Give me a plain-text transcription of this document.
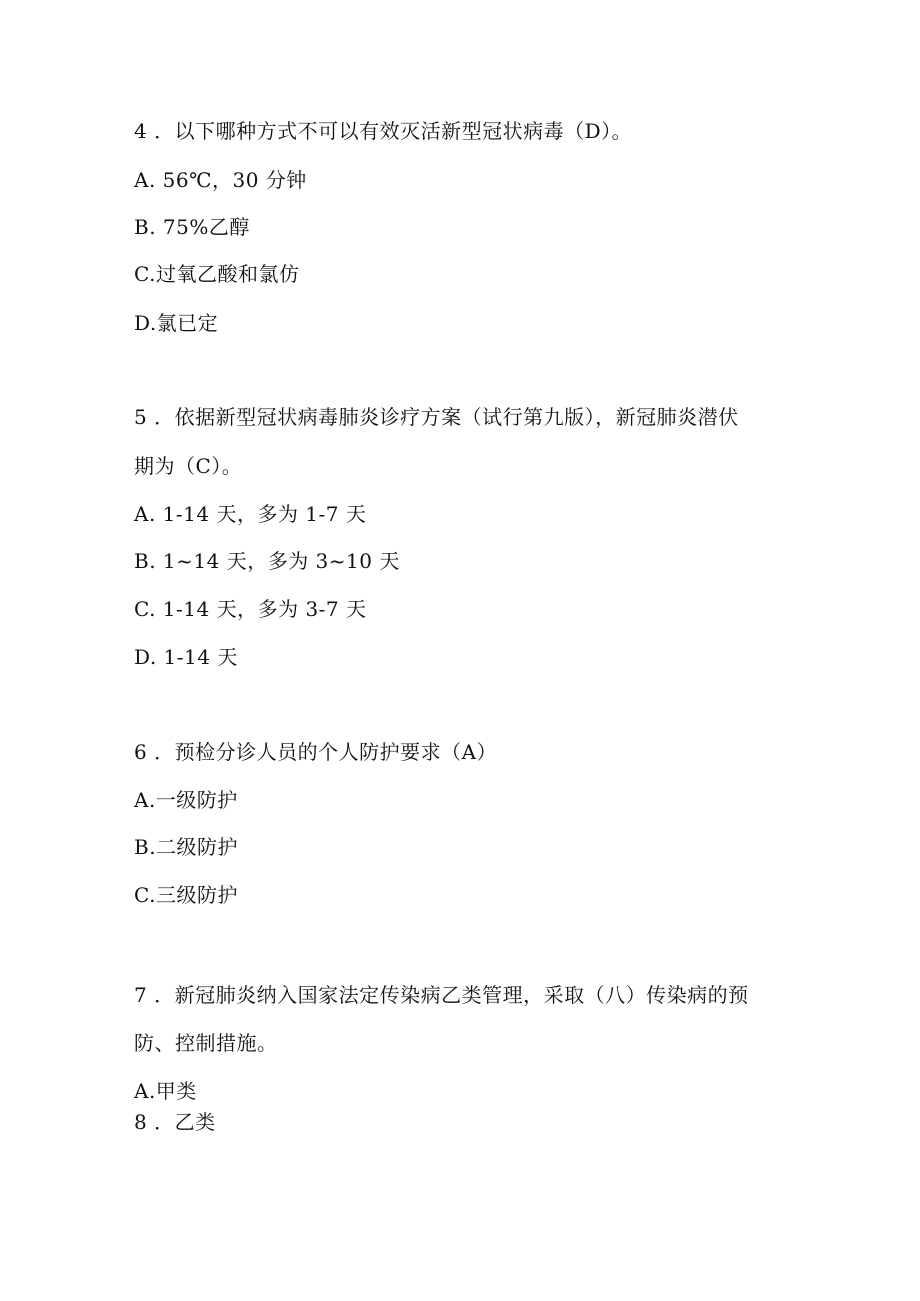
4 ．以下哪种方式不可以有效灭活新型冠状病毒（D）。
A. 56℃，30 分钟
B. 75%乙醇
C.过氧乙酸和氯仿
D.氯已定
5 ．依据新型冠状病毒肺炎诊疗方案（试行第九版），新冠肺炎潜伏
期为（C）。
A. 1-14 天，多为 1-7 天
B. 1~14 天，多为 3~10 天
C. 1-14 天，多为 3-7 天
D. 1-14 天
6 ．预检分诊人员的个人防护要求（A）
A.一级防护
B.二级防护
C.三级防护
7 ．新冠肺炎纳入国家法定传染病乙类管理，采取（八）传染病的预
防、控制措施。
A.甲类
8 ．乙类
